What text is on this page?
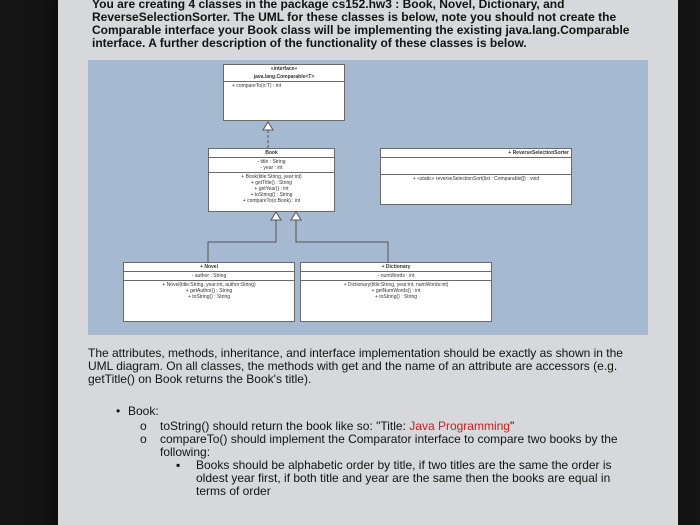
You are creating 4 classes in the package cs152.hw3 : Book, Novel, Dictionary, and
ReverseSelectionSorter. The UML for these classes is below, note you should not create the
Comparable interface your Book class will be implementing the existing java.lang.Comparable
interface. A further description of the functionality of these classes is below.
«interface»
java.lang.Comparable<T>
+ compareTo(o:T) : int
Book
- title : String
- year : int
+ Book(title:String, year:int)
+ getTitle() : String
+ getYear() : int
+ toString() : String
+ compareTo(o:Book) : int
+ ReverseSelectionSorter
+ «static» reverseSelectionSort(list : Comparable[]) : void
+ Novel
- author : String
+ Novel(title:String, year:int, author:String)
+ getAuthor() : String
+ toString() : String
+ Dictionary
- numWords : int
+ Dictionary(title:String, year:int, numWords:int)
+ getNumWords() : int
+ toString() : String
The attributes, methods, inheritance, and interface implementation should be exactly as shown in the
UML diagram. On all classes, the methods with get and the name of an attribute are accessors (e.g.
getTitle() on Book returns the Book's title).
• Book:
o toString() should return the book like so: "Title: Java Programming"
o compareTo() should implement the Comparator interface to compare two books by the
following:
▪ Books should be alphabetic order by title, if two titles are the same the order is
oldest year first, if both title and year are the same then the books are equal in
terms of order
